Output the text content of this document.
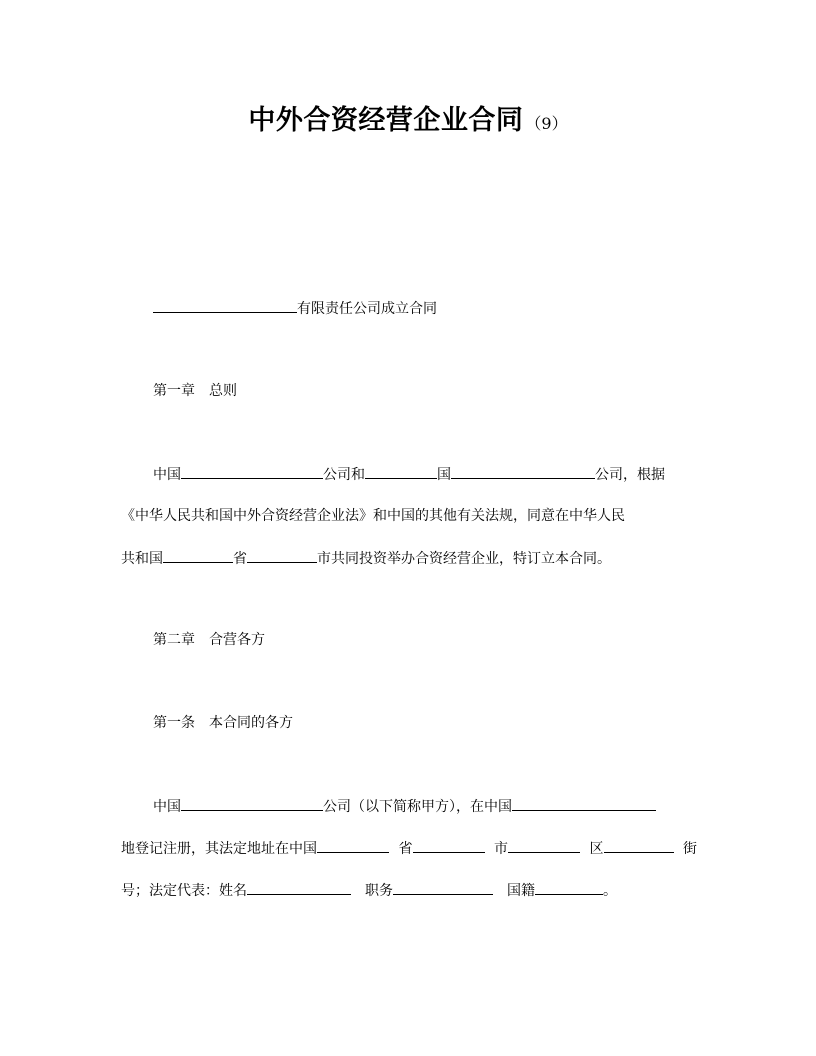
中外合资经营企业合同 （9）
有限责任公司成立合同
第一章　总则
中国	公司和	国	公司，根据
《中华人民共和国中外合资经营企业法》和中国的其他有关法规，同意在中华人民
共和国	省	市共同投资举办合资经营企业，特订立本合同。
第二章　合营各方
第一条　本合同的各方
中国	公司（以下简称甲方），在中国
地登记注册，其法定地址在中国	省	市	区	街
号；法定代表：姓名	职务	国籍	。
